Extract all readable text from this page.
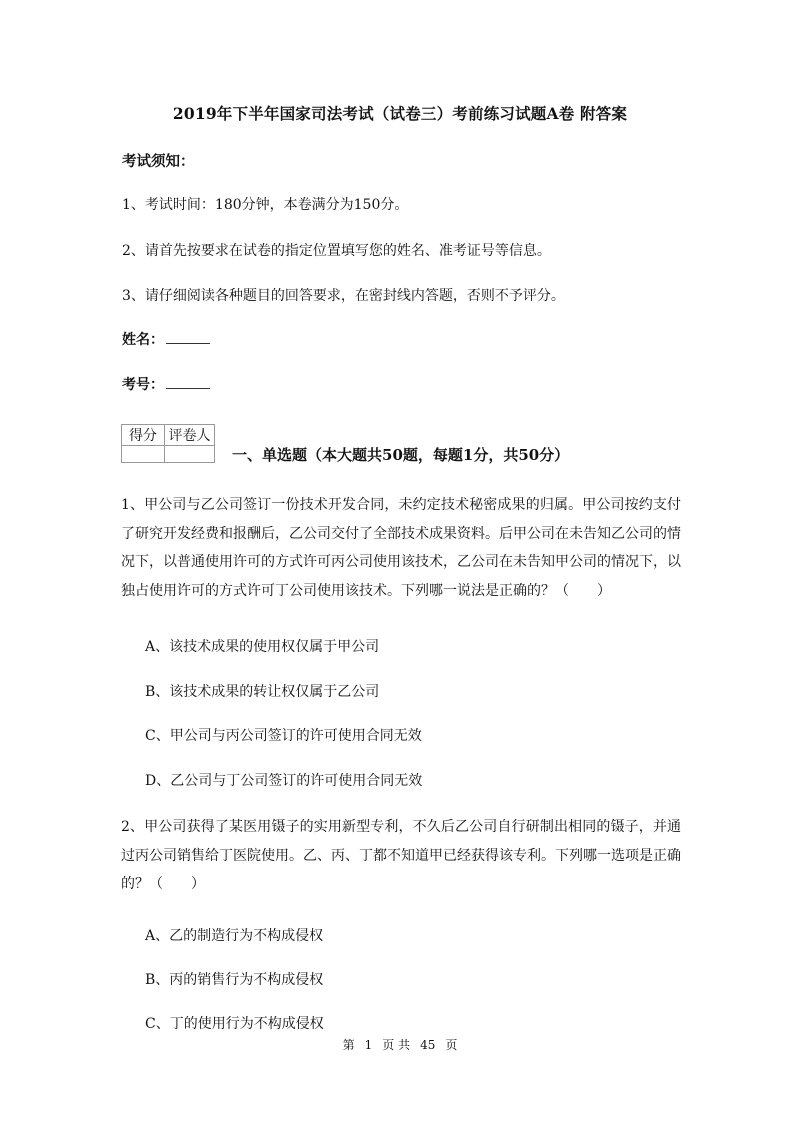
2019年下半年国家司法考试（试卷三）考前练习试题A卷 附答案
考试须知：
1、考试时间：180分钟，本卷满分为150分。
2、请首先按要求在试卷的指定位置填写您的姓名、准考证号等信息。
3、请仔细阅读各种题目的回答要求，在密封线内答题，否则不予评分。
姓名：
考号：
得分	评卷人

一、单选题（本大题共50题，每题1分，共50分）
1、甲公司与乙公司签订一份技术开发合同，未约定技术秘密成果的归属。甲公司按约支付了研究开发经费和报酬后，乙公司交付了全部技术成果资料。后甲公司在未告知乙公司的情况下，以普通使用许可的方式许可丙公司使用该技术，乙公司在未告知甲公司的情况下，以独占使用许可的方式许可丁公司使用该技术。下列哪一说法是正确的？（　　）
A、该技术成果的使用权仅属于甲公司
B、该技术成果的转让权仅属于乙公司
C、甲公司与丙公司签订的许可使用合同无效
D、乙公司与丁公司签订的许可使用合同无效
2、甲公司获得了某医用镊子的实用新型专利，不久后乙公司自行研制出相同的镊子，并通过丙公司销售给丁医院使用。乙、丙、丁都不知道甲已经获得该专利。下列哪一选项是正确的？（　　）
A、乙的制造行为不构成侵权
B、丙的销售行为不构成侵权
C、丁的使用行为不构成侵权
第 1 页 共 45 页
